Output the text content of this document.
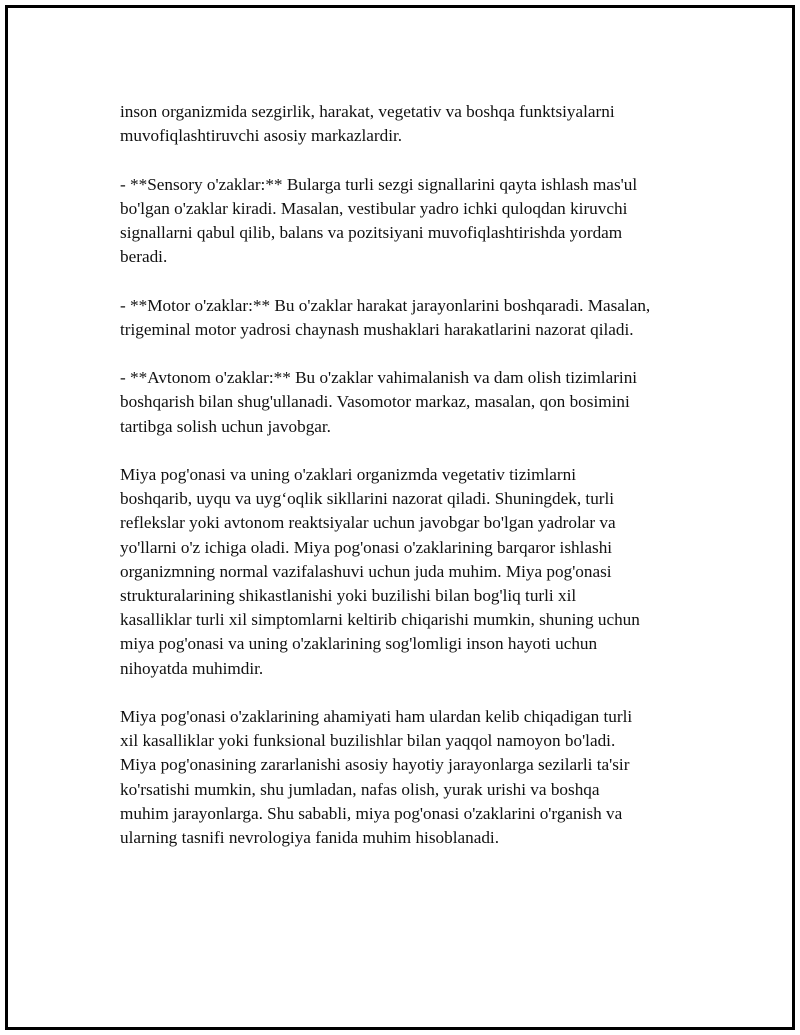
inson organizmida sezgirlik, harakat, vegetativ va boshqa funktsiyalarni
muvofiqlashtiruvchi asosiy markazlardir.

- **Sensory o'zaklar:** Bularga turli sezgi signallarini qayta ishlash mas'ul
bo'lgan o'zaklar kiradi. Masalan, vestibular yadro ichki quloqdan kiruvchi
signallarni qabul qilib, balans va pozitsiyani muvofiqlashtirishda yordam
beradi.

- **Motor o'zaklar:** Bu o'zaklar harakat jarayonlarini boshqaradi. Masalan,
trigeminal motor yadrosi chaynash mushaklari harakatlarini nazorat qiladi.

- **Avtonom o'zaklar:** Bu o'zaklar vahimalanish va dam olish tizimlarini
boshqarish bilan shug'ullanadi. Vasomotor markaz, masalan, qon bosimini
tartibga solish uchun javobgar.

Miya pog'onasi va uning o'zaklari organizmda vegetativ tizimlarni
boshqarib, uyqu va uyg‘oqlik sikllarini nazorat qiladi. Shuningdek, turli
reflekslar yoki avtonom reaktsiyalar uchun javobgar bo'lgan yadrolar va
yo'llarni o'z ichiga oladi. Miya pog'onasi o'zaklarining barqaror ishlashi
organizmning normal vazifalashuvi uchun juda muhim. Miya pog'onasi
strukturalarining shikastlanishi yoki buzilishi bilan bog'liq turli xil
kasalliklar turli xil simptomlarni keltirib chiqarishi mumkin, shuning uchun
miya pog'onasi va uning o'zaklarining sog'lomligi inson hayoti uchun
nihoyatda muhimdir.

Miya pog'onasi o'zaklarining ahamiyati ham ulardan kelib chiqadigan turli
xil kasalliklar yoki funksional buzilishlar bilan yaqqol namoyon bo'ladi.
Miya pog'onasining zararlanishi asosiy hayotiy jarayonlarga sezilarli ta'sir
ko'rsatishi mumkin, shu jumladan, nafas olish, yurak urishi va boshqa
muhim jarayonlarga. Shu sababli, miya pog'onasi o'zaklarini o'rganish va
ularning tasnifi nevrologiya fanida muhim hisoblanadi.
